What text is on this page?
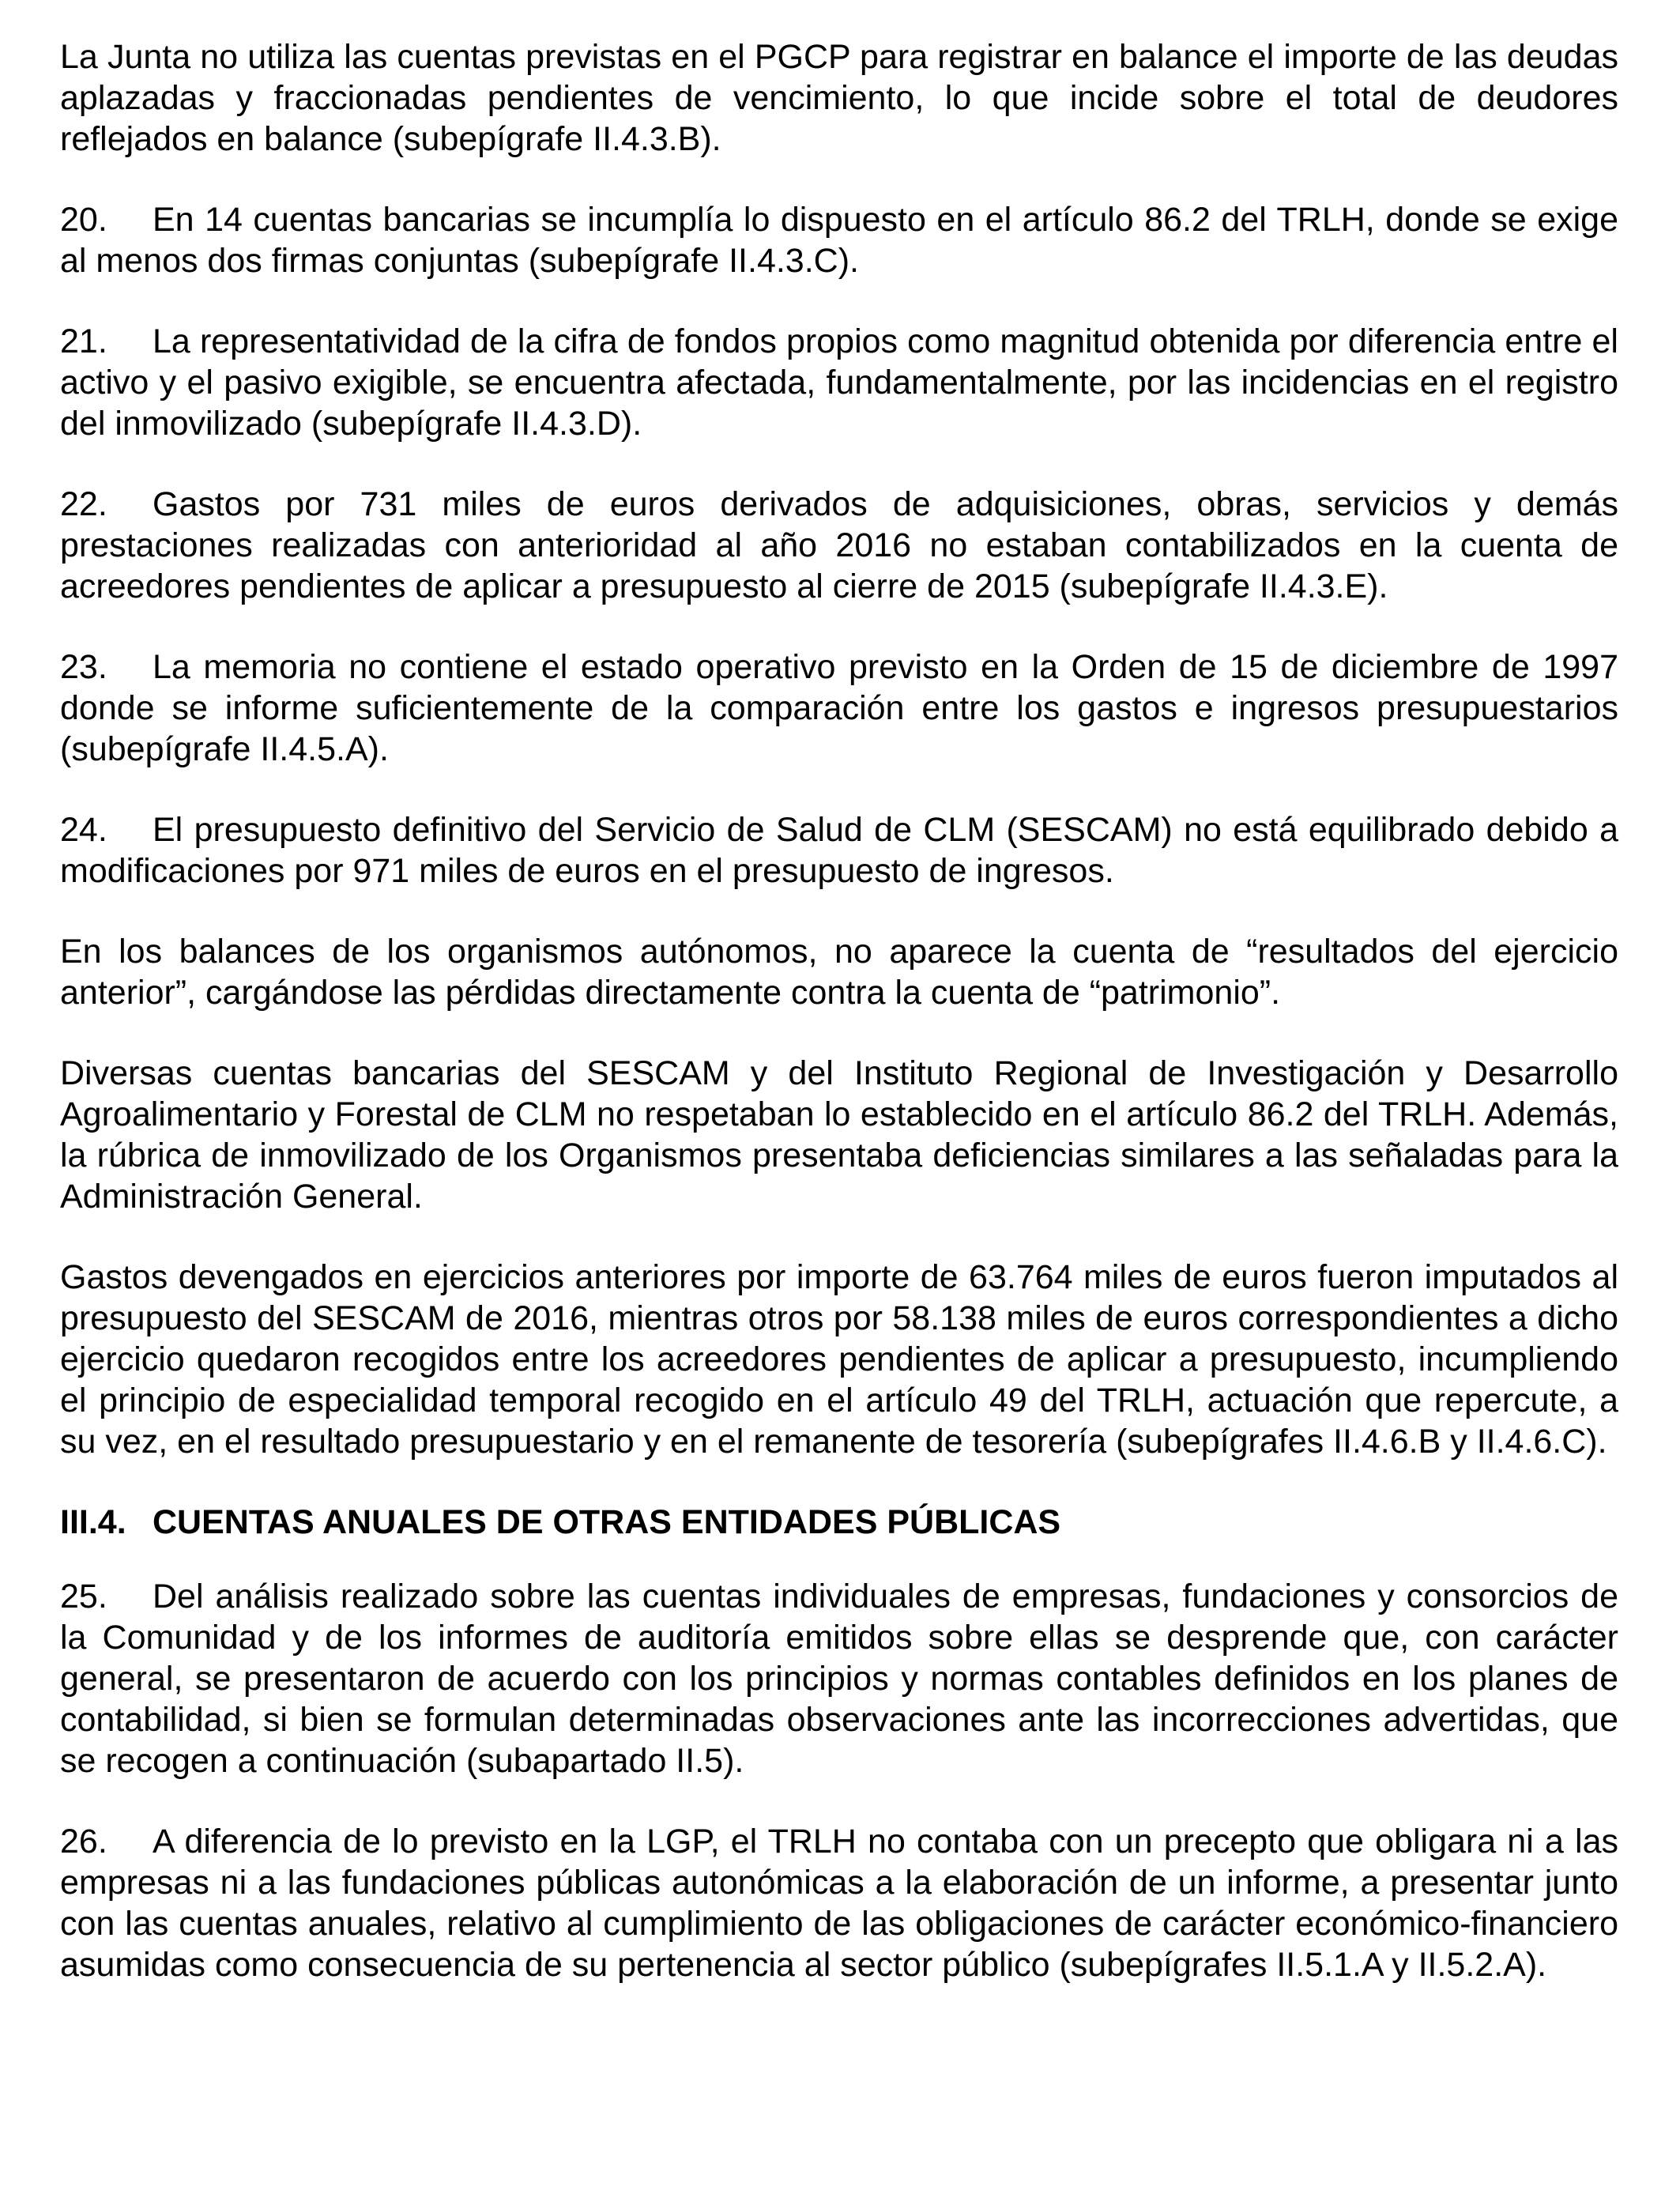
La Junta no utiliza las cuentas previstas en el PGCP para registrar en balance el importe de las deudas aplazadas y fraccionadas pendientes de vencimiento, lo que incide sobre el total de deudores reflejados en balance (subepígrafe II.4.3.B).

20. En 14 cuentas bancarias se incumplía lo dispuesto en el artículo 86.2 del TRLH, donde se exige al menos dos firmas conjuntas (subepígrafe II.4.3.C).

21. La representatividad de la cifra de fondos propios como magnitud obtenida por diferencia entre el activo y el pasivo exigible, se encuentra afectada, fundamentalmente, por las incidencias en el registro del inmovilizado (subepígrafe II.4.3.D).

22. Gastos por 731 miles de euros derivados de adquisiciones, obras, servicios y demás prestaciones realizadas con anterioridad al año 2016 no estaban contabilizados en la cuenta de acreedores pendientes de aplicar a presupuesto al cierre de 2015 (subepígrafe II.4.3.E).

23. La memoria no contiene el estado operativo previsto en la Orden de 15 de diciembre de 1997 donde se informe suficientemente de la comparación entre los gastos e ingresos presupuestarios (subepígrafe II.4.5.A).

24. El presupuesto definitivo del Servicio de Salud de CLM (SESCAM) no está equilibrado debido a modificaciones por 971 miles de euros en el presupuesto de ingresos.

En los balances de los organismos autónomos, no aparece la cuenta de “resultados del ejercicio anterior”, cargándose las pérdidas directamente contra la cuenta de “patrimonio”.

Diversas cuentas bancarias del SESCAM y del Instituto Regional de Investigación y Desarrollo Agroalimentario y Forestal de CLM no respetaban lo establecido en el artículo 86.2 del TRLH. Además, la rúbrica de inmovilizado de los Organismos presentaba deficiencias similares a las señaladas para la Administración General.

Gastos devengados en ejercicios anteriores por importe de 63.764 miles de euros fueron imputados al presupuesto del SESCAM de 2016, mientras otros por 58.138 miles de euros correspondientes a dicho ejercicio quedaron recogidos entre los acreedores pendientes de aplicar a presupuesto, incumpliendo el principio de especialidad temporal recogido en el artículo 49 del TRLH, actuación que repercute, a su vez, en el resultado presupuestario y en el remanente de tesorería (subepígrafes II.4.6.B y II.4.6.C).

III.4. CUENTAS ANUALES DE OTRAS ENTIDADES PÚBLICAS

25. Del análisis realizado sobre las cuentas individuales de empresas, fundaciones y consorcios de la Comunidad y de los informes de auditoría emitidos sobre ellas se desprende que, con carácter general, se presentaron de acuerdo con los principios y normas contables definidos en los planes de contabilidad, si bien se formulan determinadas observaciones ante las incorrecciones advertidas, que se recogen a continuación (subapartado II.5).

26. A diferencia de lo previsto en la LGP, el TRLH no contaba con un precepto que obligara ni a las empresas ni a las fundaciones públicas autonómicas a la elaboración de un informe, a presentar junto con las cuentas anuales, relativo al cumplimiento de las obligaciones de carácter económico-financiero asumidas como consecuencia de su pertenencia al sector público (subepígrafes II.5.1.A y II.5.2.A).
